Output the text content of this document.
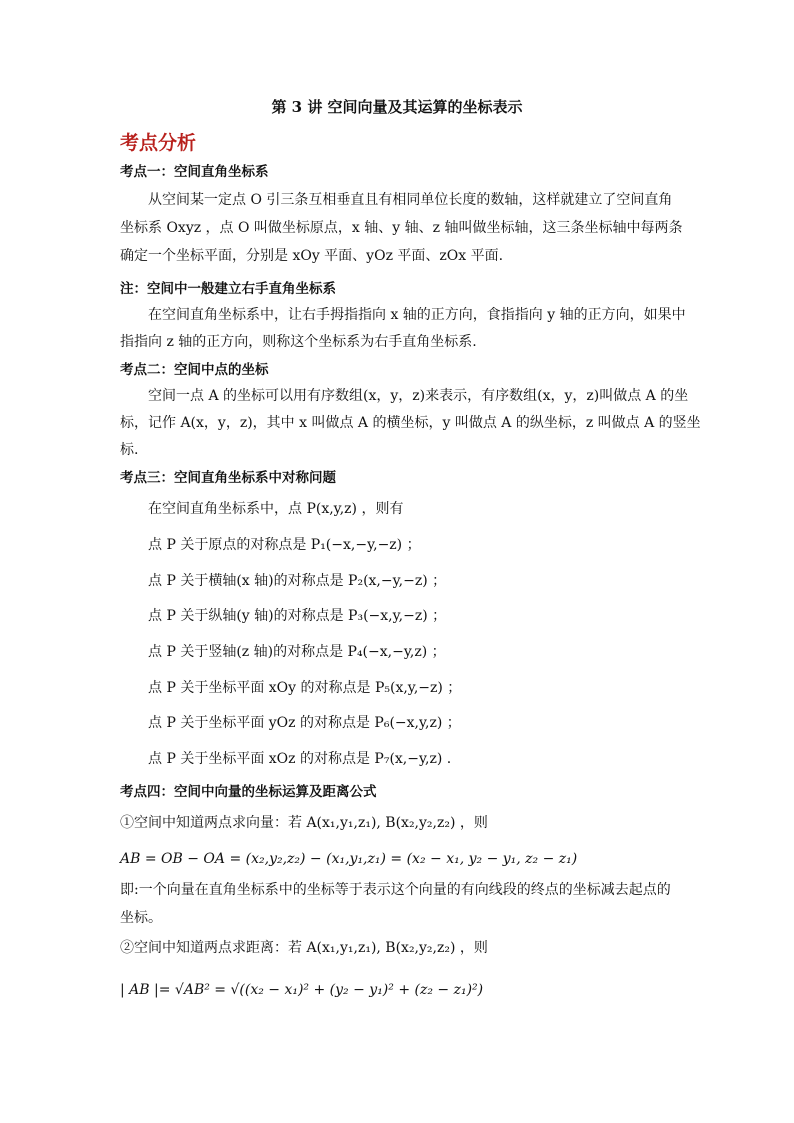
第 3 讲 空间向量及其运算的坐标表示
考点分析
考点一：空间直角坐标系
从空间某一定点 O 引三条互相垂直且有相同单位长度的数轴，这样就建立了空间直角
坐标系 Oxyz ，点 O 叫做坐标原点，x 轴、y 轴、z 轴叫做坐标轴，这三条坐标轴中每两条
确定一个坐标平面，分别是 xOy 平面、yOz 平面、zOx 平面.
注：空间中一般建立右手直角坐标系
在空间直角坐标系中，让右手拇指指向 x 轴的正方向，食指指向 y 轴的正方向，如果中
指指向 z 轴的正方向，则称这个坐标系为右手直角坐标系.
考点二：空间中点的坐标
空间一点 A 的坐标可以用有序数组(x，y，z)来表示，有序数组(x，y，z)叫做点 A 的坐
标，记作 A(x，y，z)，其中 x 叫做点 A 的横坐标，y 叫做点 A 的纵坐标，z 叫做点 A 的竖坐
标.
考点三：空间直角坐标系中对称问题
在空间直角坐标系中，点 P(x,y,z) ，则有
点 P 关于原点的对称点是 P₁(−x,−y,−z) ；
点 P 关于横轴(x 轴)的对称点是 P₂(x,−y,−z) ；
点 P 关于纵轴(y 轴)的对称点是 P₃(−x,y,−z) ；
点 P 关于竖轴(z 轴)的对称点是 P₄(−x,−y,z) ；
点 P 关于坐标平面 xOy 的对称点是 P₅(x,y,−z) ；
点 P 关于坐标平面 yOz 的对称点是 P₆(−x,y,z) ；
点 P 关于坐标平面 xOz 的对称点是 P₇(x,−y,z) .
考点四：空间中向量的坐标运算及距离公式
①空间中知道两点求向量：若 A(x₁,y₁,z₁), B(x₂,y₂,z₂) ，则
AB = OB − OA = (x₂,y₂,z₂) − (x₁,y₁,z₁) = (x₂ − x₁, y₂ − y₁, z₂ − z₁)
即:一个向量在直角坐标系中的坐标等于表示这个向量的有向线段的终点的坐标减去起点的
坐标。
②空间中知道两点求距离：若 A(x₁,y₁,z₁), B(x₂,y₂,z₂) ，则
| AB |= √AB² = √((x₂ − x₁)² + (y₂ − y₁)² + (z₂ − z₁)²)
